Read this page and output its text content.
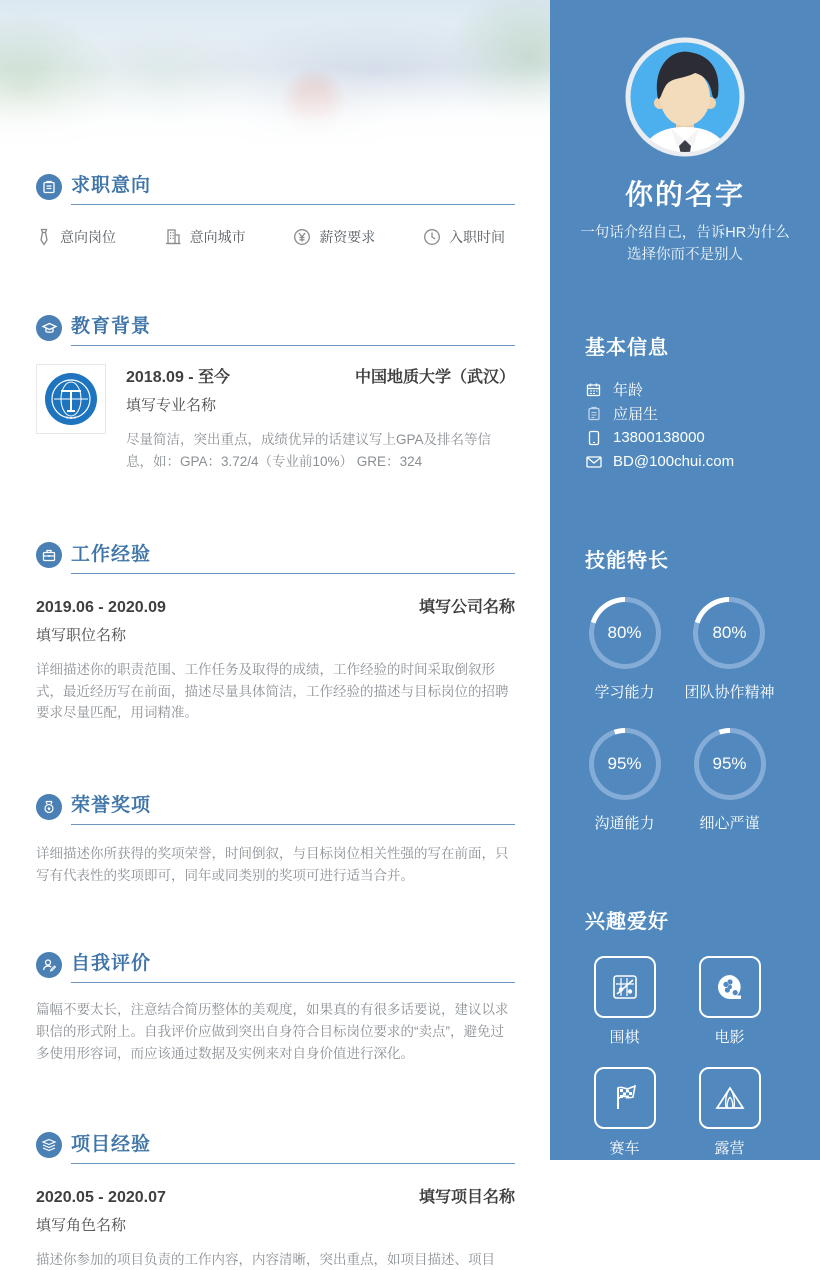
求职意向
意向岗位	意向城市	薪资要求	入职时间
教育背景
2018.09 - 至今	中国地质大学（武汉）
填写专业名称
尽量简洁，突出重点，成绩优异的话建议写上GPA及排名等信息，如：GPA：3.72/4（专业前10%） GRE：324
工作经验
2019.06 - 2020.09	填写公司名称
填写职位名称
详细描述你的职责范围、工作任务及取得的成绩，工作经验的时间采取倒叙形式，最近经历写在前面，描述尽量具体简洁，工作经验的描述与目标岗位的招聘要求尽量匹配，用词精准。
荣誉奖项
详细描述你所获得的奖项荣誉，时间倒叙，与目标岗位相关性强的写在前面，只写有代表性的奖项即可，同年或同类别的奖项可进行适当合并。
自我评价
篇幅不要太长，注意结合简历整体的美观度，如果真的有很多话要说，建议以求职信的形式附上。自我评价应做到突出自身符合目标岗位要求的“卖点”，避免过多使用形容词，而应该通过数据及实例来对自身价值进行深化。
项目经验
2020.05 - 2020.07	填写项目名称
填写角色名称
描述你参加的项目负责的工作内容，内容清晰，突出重点，如项目描述、项目
你的名字
一句话介绍自己，告诉HR为什么选择你而不是别人
基本信息
年龄
应届生
13800138000
BD@100chui.com
技能特长
80%
学习能力
80%
团队协作精神
95%
沟通能力
95%
细心严谨
兴趣爱好
围棋	电影
赛车	露营
